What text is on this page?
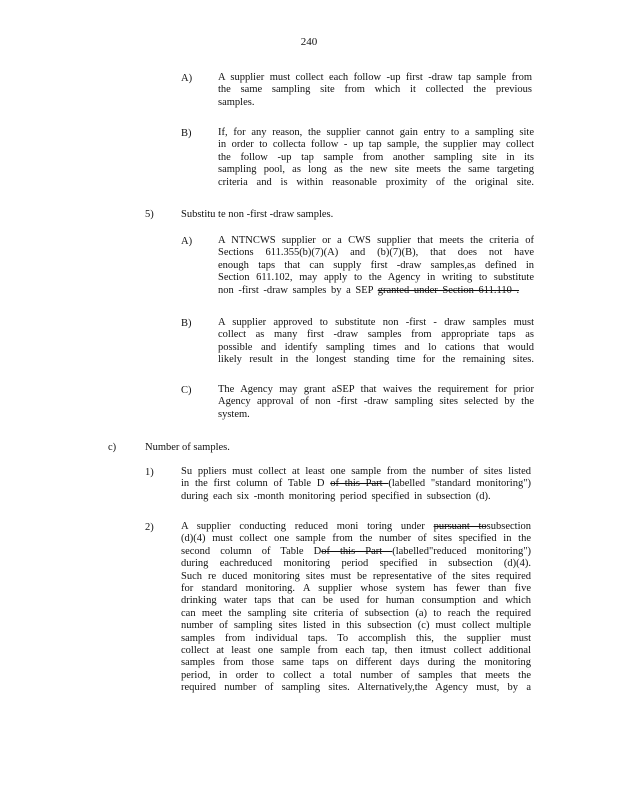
240
A) A supplier must collect each follow -up first -draw tap sample from
the same sampling site from which it collected the previous
samples.
B)	If, for any reason, the supplier cannot gain entry to a sampling site
in order to collecta follow - up tap sample, the supplier may collect
the follow -up tap sample from another sampling site in its
sampling pool, as long as the new site meets the same targeting
criteria and is within reasonable proximity of the original site.
5)	Substitu te non -first -draw samples.
A) A NTNCWS supplier or a CWS supplier that meets the criteria of
Sections 611.355(b)(7)(A) and (b)(7)(B), that does not have
enough taps that can supply first -draw samples,as defined in
Section 611.102, may apply to the Agency in writing to substitute
non -first -draw samples by a SEP granted under Section 611.110 .
B)	A supplier approved to substitute non -first - draw samples must
collect as many first -draw samples from appropriate taps as
possible and identify sampling times and lo cations that would
likely result in the longest standing time for the remaining sites.
C)	The Agency may grant aSEP that waives the requirement for prior
Agency approval of non -first -draw sampling sites selected by the
system.
c)	Number of samples.
1)	Su ppliers must collect at least one sample from the number of sites listed
in the first column of Table D of this Part (labelled "standard monitoring")
during each six -month monitoring period specified in subsection (d).
2)	A supplier conducting reduced moni toring under pursuant tosubsection
(d)(4) must collect one sample from the number of sites specified in the
second column of Table Dof this Part (labelled"reduced monitoring")
during eachreduced monitoring period specified in subsection (d)(4).
Such re duced monitoring sites must be representative of the sites required
for standard monitoring. A supplier whose system has fewer than five
drinking water taps that can be used for human consumption and which
can meet the sampling site criteria of subsection (a) to reach the required
number of sampling sites listed in this subsection (c) must collect multiple
samples from individual taps. To accomplish this, the supplier must
collect at least one sample from each tap, then itmust collect additional
samples from those same taps on different days during the monitoring
period, in order to collect a total number of samples that meets the
required number of sampling sites. Alternatively,the Agency must, by a
